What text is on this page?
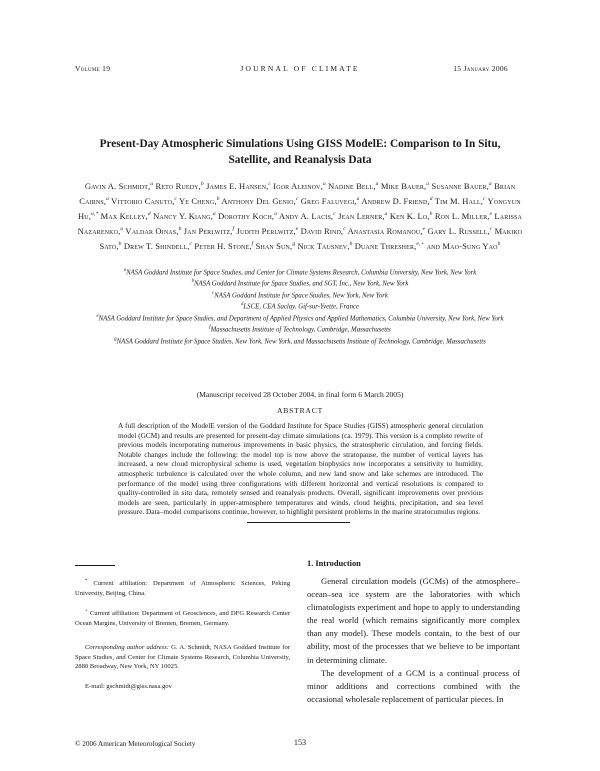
Volume 19	JOURNAL OF CLIMATE	15 January 2006
Present-Day Atmospheric Simulations Using GISS ModelE: Comparison to In Situ,
Satellite, and Reanalysis Data
Gavin A. Schmidt,$^a$ Reto Ruedy,$^b$ James E. Hansen,$^c$ Igor Aleinov,$^a$ Nadine Bell,$^a$ Mike Bauer,$^a$ Susanne Bauer,$^a$ Brian Cairns,$^a$ Vittorio Canuto,$^c$ Ye Cheng,$^b$ Anthony Del Genio,$^c$ Greg Faluvegi,$^a$ Andrew D. Friend,$^d$ Tim M. Hall,$^c$ Yongyun Hu,$^{a,*}$ Max Kelley,$^d$ Nancy Y. Kiang,$^a$ Dorothy Koch,$^a$ Andy A. Lacis,$^c$ Jean Lerner,$^a$ Ken K. Lo,$^b$ Ron L. Miller,$^e$ Larissa Nazarenko,$^a$ Valdar Oinas,$^b$ Jan Perlwitz,$^f$ Judith Perlwitz,$^e$ David Rind,$^c$ Anastasia Romanou,$^e$ Gary L. Russell,$^c$ Makiko Sato,$^b$ Drew T. Shindell,$^c$ Peter H. Stone,$^f$ Shan Sun,$^g$ Nick Tausnev,$^b$ Duane Thresher,$^{e,+}$ and Mao-Sung Yao$^b$
$^a$NASA Goddard Institute for Space Studies, and Center for Climate Systems Research, Columbia University, New York, New York
$^b$NASA Goddard Institute for Space Studies, and SGT, Inc., New York, New York
$^c$NASA Goddard Institute for Space Studies, New York, New York
$^d$LSCE, CEA Saclay, Gif-sur-Yvette, France
$^e$NASA Goddard Institute for Space Studies, and Department of Applied Physics and Applied Mathematics, Columbia University, New York, New York
$^f$Massachusetts Institute of Technology, Cambridge, Massachusetts
$^g$NASA Goddard Institute for Space Studies, New York, New York, and Massachusetts Institute of Technology, Cambridge, Massachusetts
(Manuscript received 28 October 2004, in final form 6 March 2005)
ABSTRACT
A full description of the ModelE version of the Goddard Institute for Space Studies (GISS) atmospheric general circulation model (GCM) and results are presented for present-day climate simulations (ca. 1979). This version is a complete rewrite of previous models incorporating numerous improvements in basic physics, the stratospheric circulation, and forcing fields. Notable changes include the following: the model top is now above the stratopause, the number of vertical layers has increased, a new cloud microphysical scheme is used, vegetation biophysics now incorporates a sensitivity to humidity, atmospheric turbulence is calculated over the whole column, and new land snow and lake schemes are introduced. The performance of the model using three configurations with different horizontal and vertical resolutions is compared to quality-controlled in situ data, remotely sensed and reanalysis products. Overall, significant improvements over previous models are seen, particularly in upper-atmosphere temperatures and winds, cloud heights, precipitation, and sea level pressure. Data–model comparisons continue, however, to highlight persistent problems in the marine stratocumulus regions.
* Current affiliation: Department of Atmospheric Sciences, Peking University, Beijing, China.
+ Current affiliation: Department of Geosciences, and DFG Research Center Ocean Margins, University of Bremen, Bremen, Germany.
Corresponding author address: G. A. Schmidt, NASA Goddard Institute for Space Studies, and Center for Climate Systems Research, Columbia University, 2880 Broadway, New York, NY 10025.
E-mail: gschmidt@giss.nasa.gov
1. Introduction

General circulation models (GCMs) of the atmosphere–ocean–sea ice system are the laboratories with which climatologists experiment and hope to apply to understanding the real world (which remains significantly more complex than any model). These models contain, to the best of our ability, most of the processes that we believe to be important in determining climate.

The development of a GCM is a continual process of minor additions and corrections combined with the occasional wholesale replacement of particular pieces. In

© 2006 American Meteorological Society	153
